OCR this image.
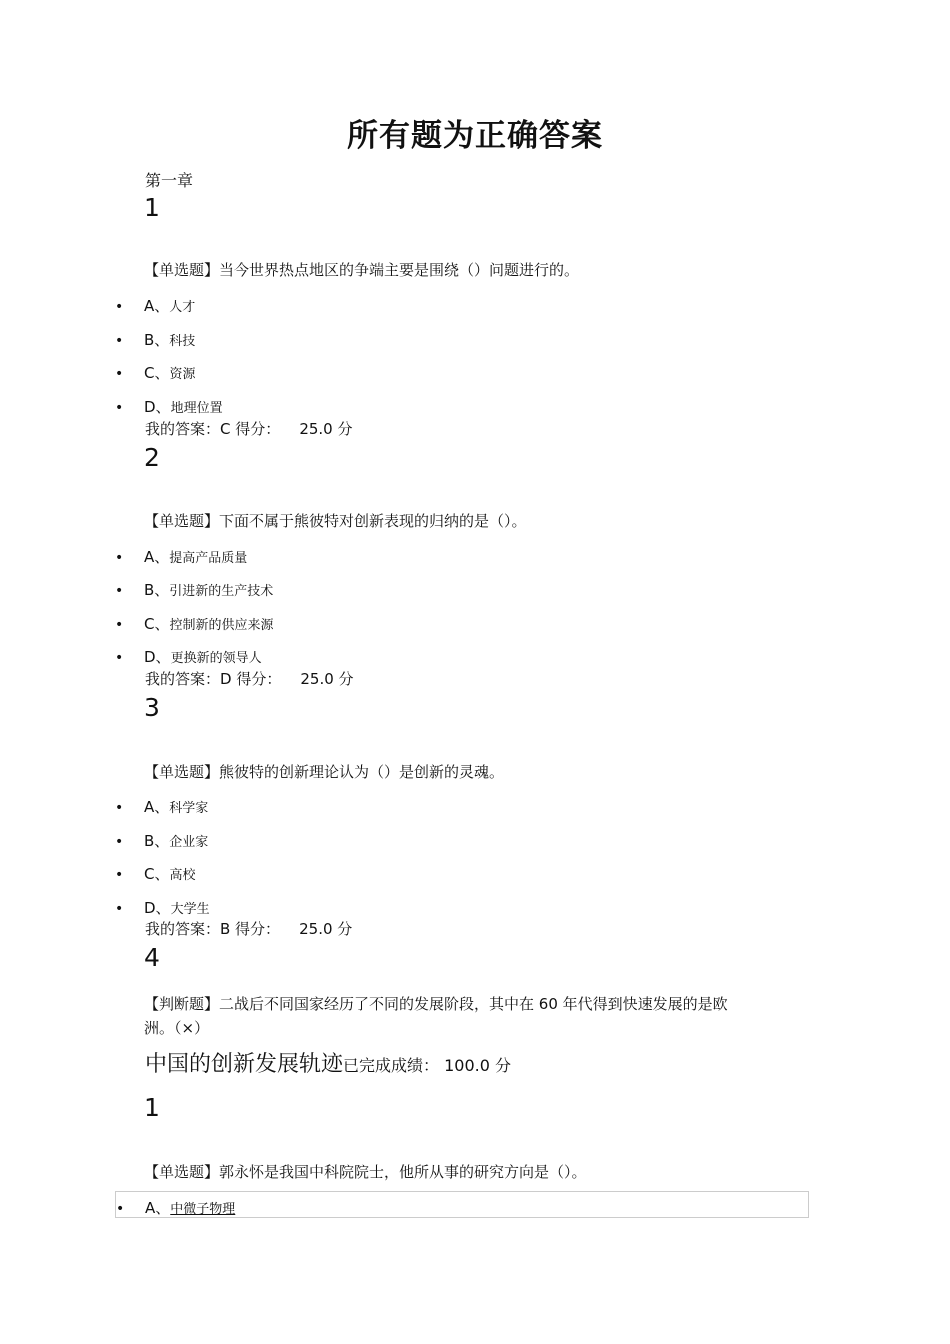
所有题为正确答案
第一章
1
【单选题】当今世界热点地区的争端主要是围绕（）问题进行的。
• A、人才
• B、科技
• C、资源
• D、地理位置
我的答案：C 得分：    25.0 分
2
【单选题】下面不属于熊彼特对创新表现的归纳的是（）。
• A、提高产品质量
• B、引进新的生产技术
• C、控制新的供应来源
• D、更换新的领导人
我的答案：D 得分：    25.0 分
3
【单选题】熊彼特的创新理论认为（）是创新的灵魂。
• A、科学家
• B、企业家
• C、高校
• D、大学生
我的答案：B 得分：    25.0 分
4
【判断题】二战后不同国家经历了不同的发展阶段，其中在 60 年代得到快速发展的是欧
洲。（×）
中国的创新发展轨迹已完成成绩： 100.0 分
1
【单选题】郭永怀是我国中科院院士，他所从事的研究方向是（）。
• A、中微子物理
